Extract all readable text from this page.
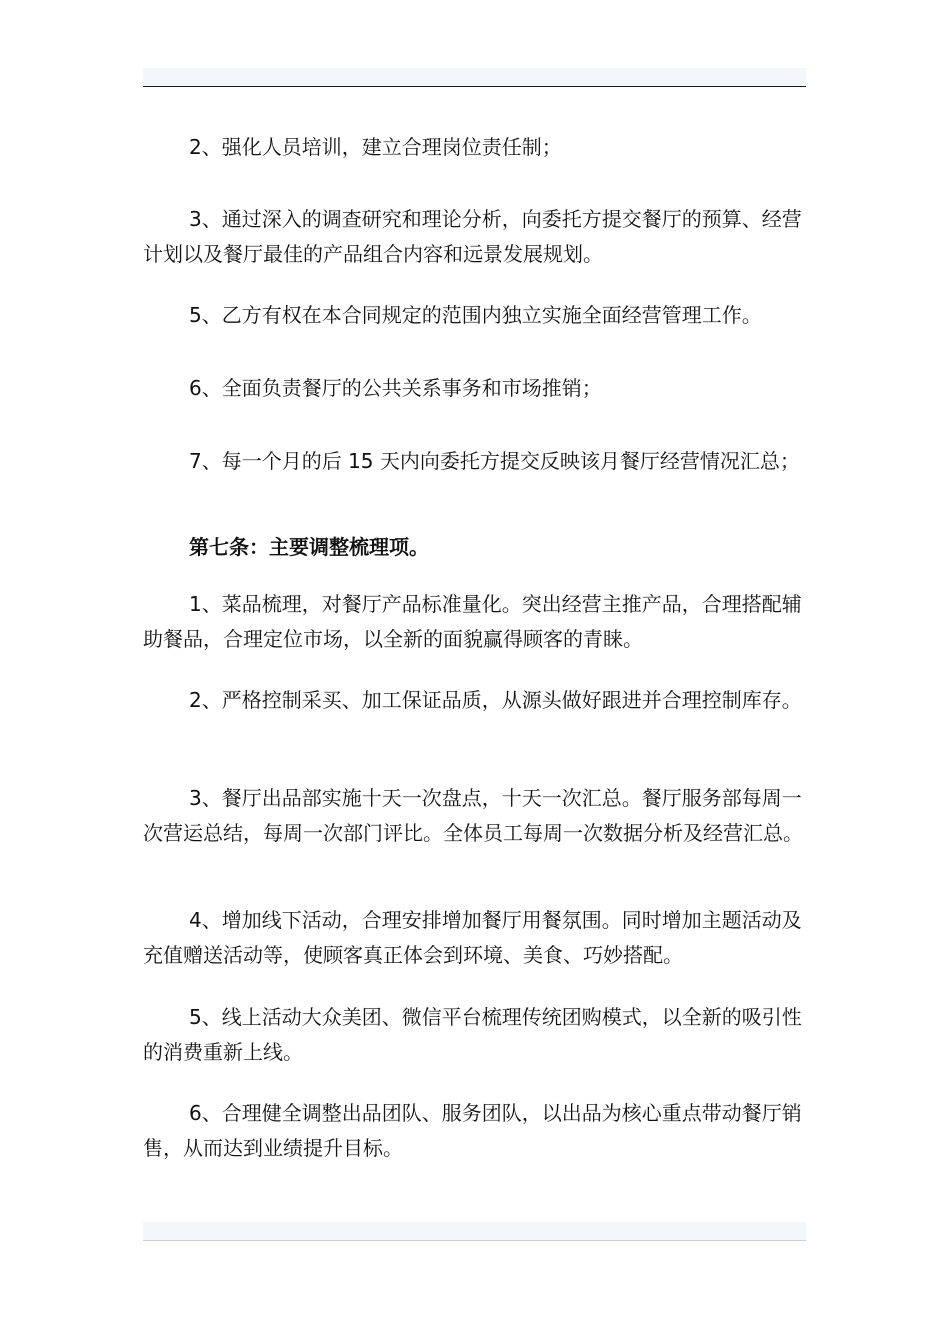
2、强化人员培训，建立合理岗位责任制；

3、通过深入的调查研究和理论分析，向委托方提交餐厅的预算、经营计划以及餐厅最佳的产品组合内容和远景发展规划。

5、乙方有权在本合同规定的范围内独立实施全面经营管理工作。

6、全面负责餐厅的公共关系事务和市场推销；

7、每一个月的后 15 天内向委托方提交反映该月餐厅经营情况汇总；

第七条：主要调整梳理项。

1、菜品梳理，对餐厅产品标准量化。突出经营主推产品，合理搭配辅助餐品，合理定位市场，以全新的面貌赢得顾客的青睐。

2、严格控制采买、加工保证品质，从源头做好跟进并合理控制库存。

3、餐厅出品部实施十天一次盘点，十天一次汇总。餐厅服务部每周一次营运总结，每周一次部门评比。全体员工每周一次数据分析及经营汇总。

4、增加线下活动，合理安排增加餐厅用餐氛围。同时增加主题活动及充值赠送活动等，使顾客真正体会到环境、美食、巧妙搭配。

5、线上活动大众美团、微信平台梳理传统团购模式，以全新的吸引性的消费重新上线。

6、合理健全调整出品团队、服务团队，以出品为核心重点带动餐厅销售，从而达到业绩提升目标。
